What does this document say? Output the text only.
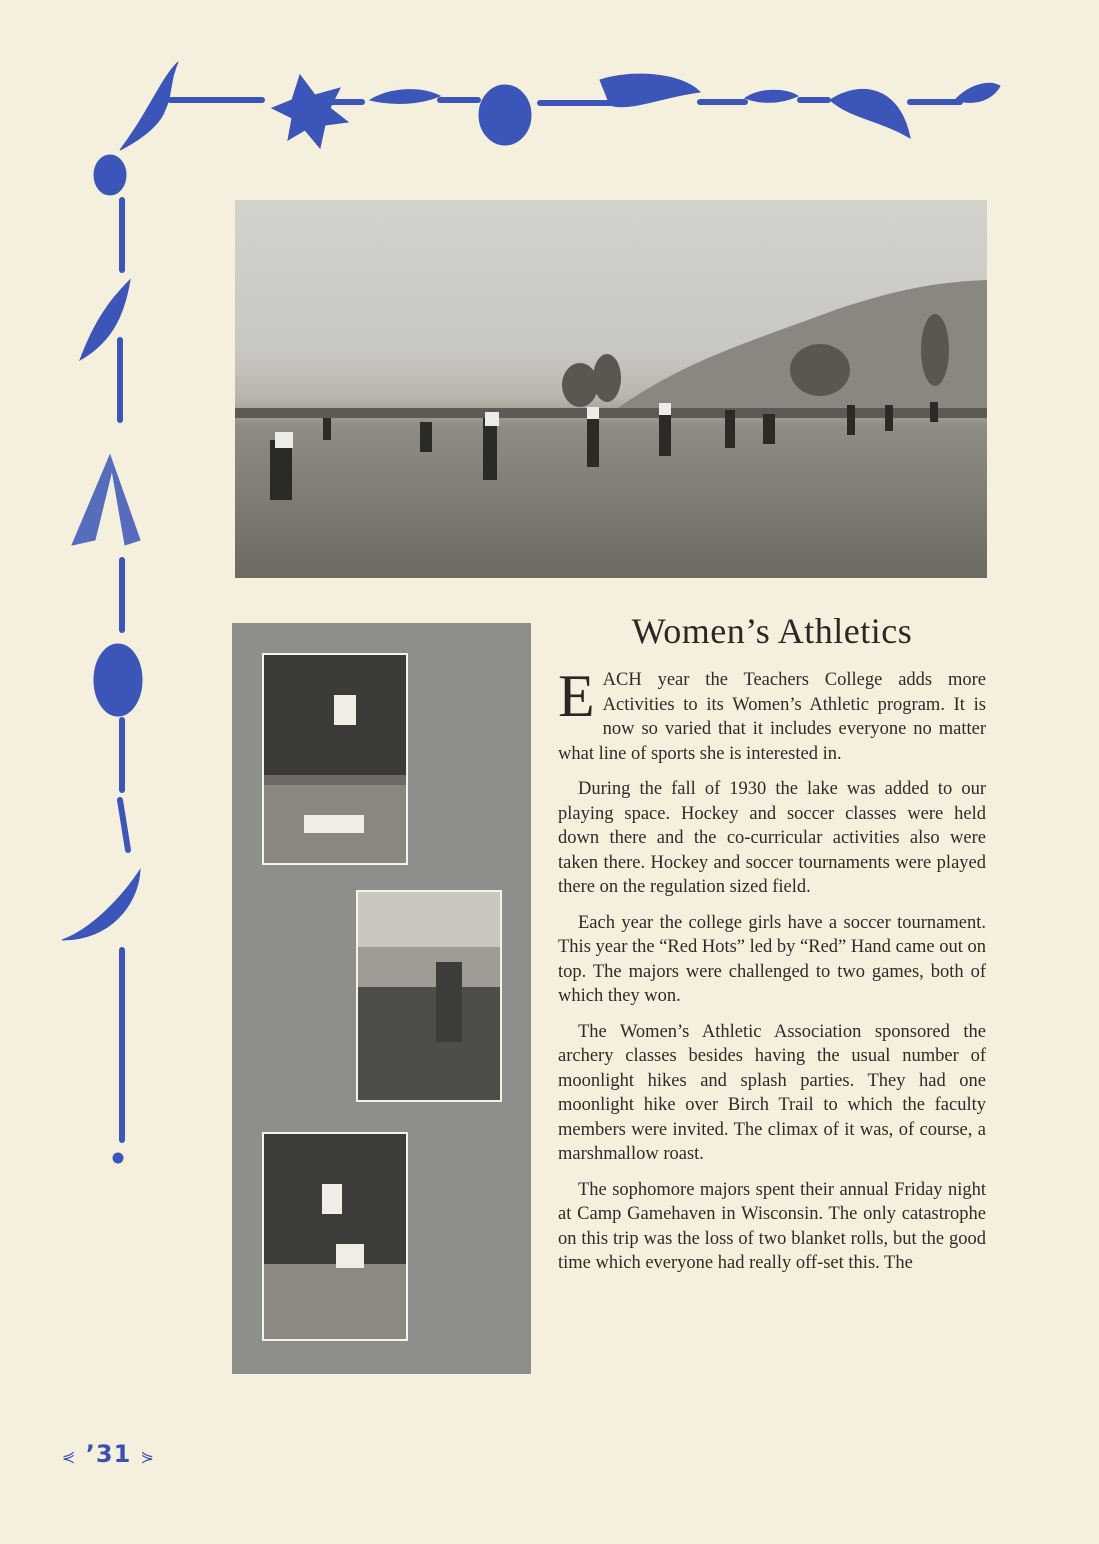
Women’s Athletics

EACH year the Teachers College adds more Activities to its Women’s Athletic program. It is now so varied that it includes everyone no matter what line of sports she is interested in.

During the fall of 1930 the lake was added to our playing space. Hockey and soccer classes were held down there and the co-curricular activities also were taken there. Hockey and soccer tournaments were played there on the regulation sized field.

Each year the college girls have a soccer tournament. This year the “Red Hots” led by “Red” Hand came out on top. The majors were challenged to two games, both of which they won.

The Women’s Athletic Association sponsored the archery classes besides having the usual number of moonlight hikes and splash parties. They had one moonlight hike over Birch Trail to which the faculty members were invited. The climax of it was, of course, a marshmallow roast.

The sophomore majors spent their annual Friday night at Camp Gamehaven in Wisconsin. The only catastrophe on this trip was the loss of two blanket rolls, but the good time which everyone had really off-set this. The

⋞ ’31 ⋟
